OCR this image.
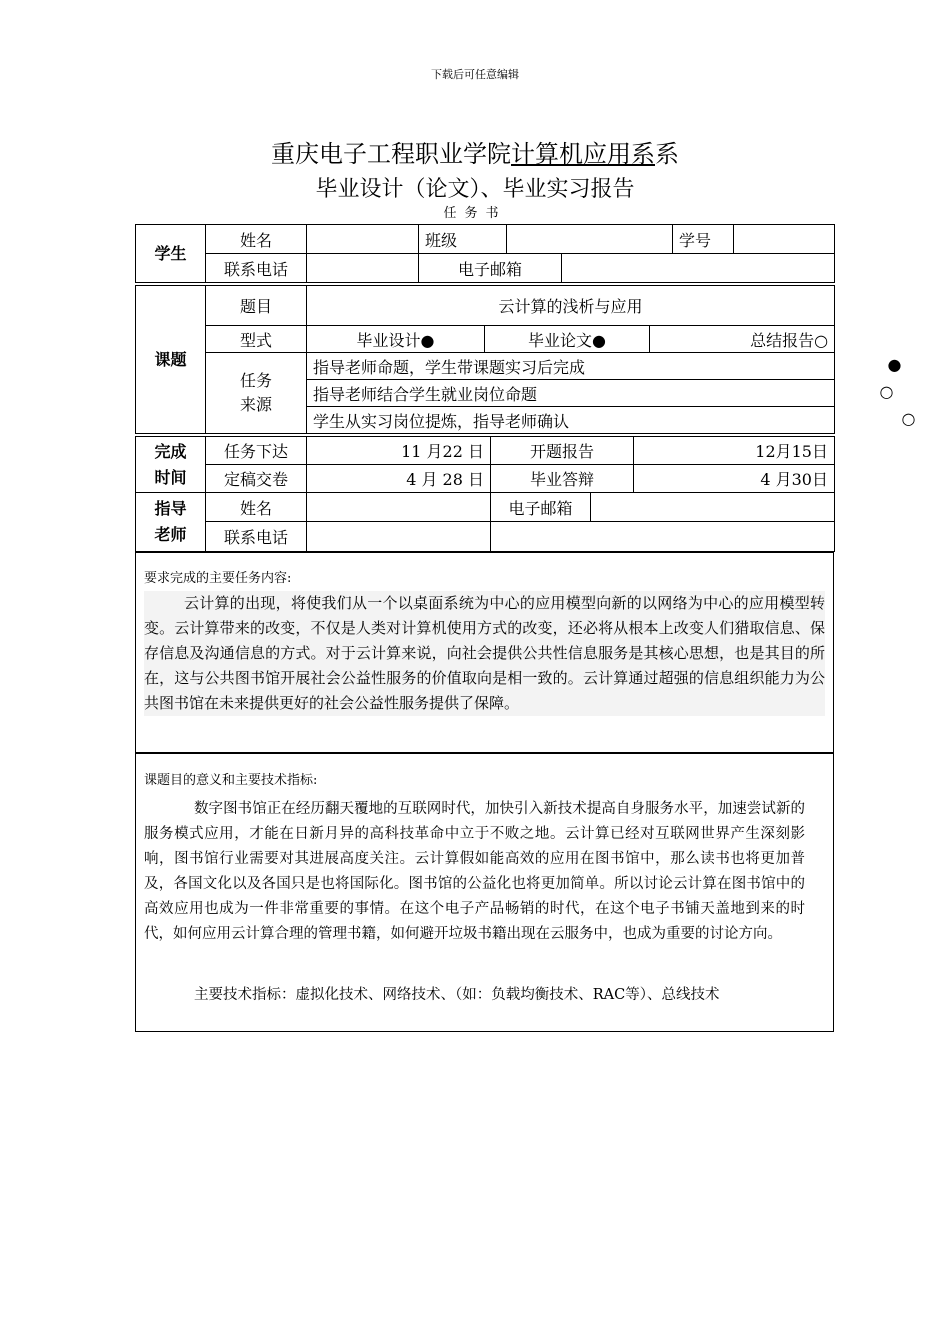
下载后可任意编辑
重庆电子工程职业学院计算机应用系系
毕业设计（论文）、毕业实习报告
任务书
学生	姓名		班级			学号	
	联系电话		电子邮箱				
课题	题目	云计算的浅析与应用		
	型式	毕业设计●	毕业论文●	总结报告○
	任务
来源	指导老师命题，学生带课题实习后完成 ●		

		指导老师结合学生就业岗位命题 ○		

		学生从实习岗位提炼，指导老师确认 ○		
完成
时间	任务下达	11 月22 日	开题报告	12月15日
	定稿交卷	4 月 28 日	毕业答辩	4 月30日
指导
老师	姓名		电子邮箱	
	联系电话			
要求完成的主要任务内容:
云计算的出现，将使我们从一个以桌面系统为中心的应用模型向新的以网络为中心的应用模型转变。云计算带来的改变，不仅是人类对计算机使用方式的改变，还必将从根本上改变人们猎取信息、保存信息及沟通信息的方式。对于云计算来说，向社会提供公共性信息服务是其核心思想，也是其目的所在，这与公共图书馆开展社会公益性服务的价值取向是相一致的。云计算通过超强的信息组织能力为公共图书馆在未来提供更好的社会公益性服务提供了保障。
课题目的意义和主要技术指标:
数字图书馆正在经历翻天覆地的互联网时代，加快引入新技术提高自身服务水平，加速尝试新的服务模式应用，才能在日新月异的高科技革命中立于不败之地。云计算已经对互联网世界产生深刻影响，图书馆行业需要对其进展高度关注。云计算假如能高效的应用在图书馆中，那么读书也将更加普及，各国文化以及各国只是也将国际化。图书馆的公益化也将更加简单。所以讨论云计算在图书馆中的高效应用也成为一件非常重要的事情。在这个电子产品畅销的时代，在这个电子书铺天盖地到来的时代，如何应用云计算合理的管理书籍，如何避开垃圾书籍出现在云服务中，也成为重要的讨论方向。
主要技术指标：虚拟化技术、网络技术、（如：负载均衡技术、RAC等）、总线技术
